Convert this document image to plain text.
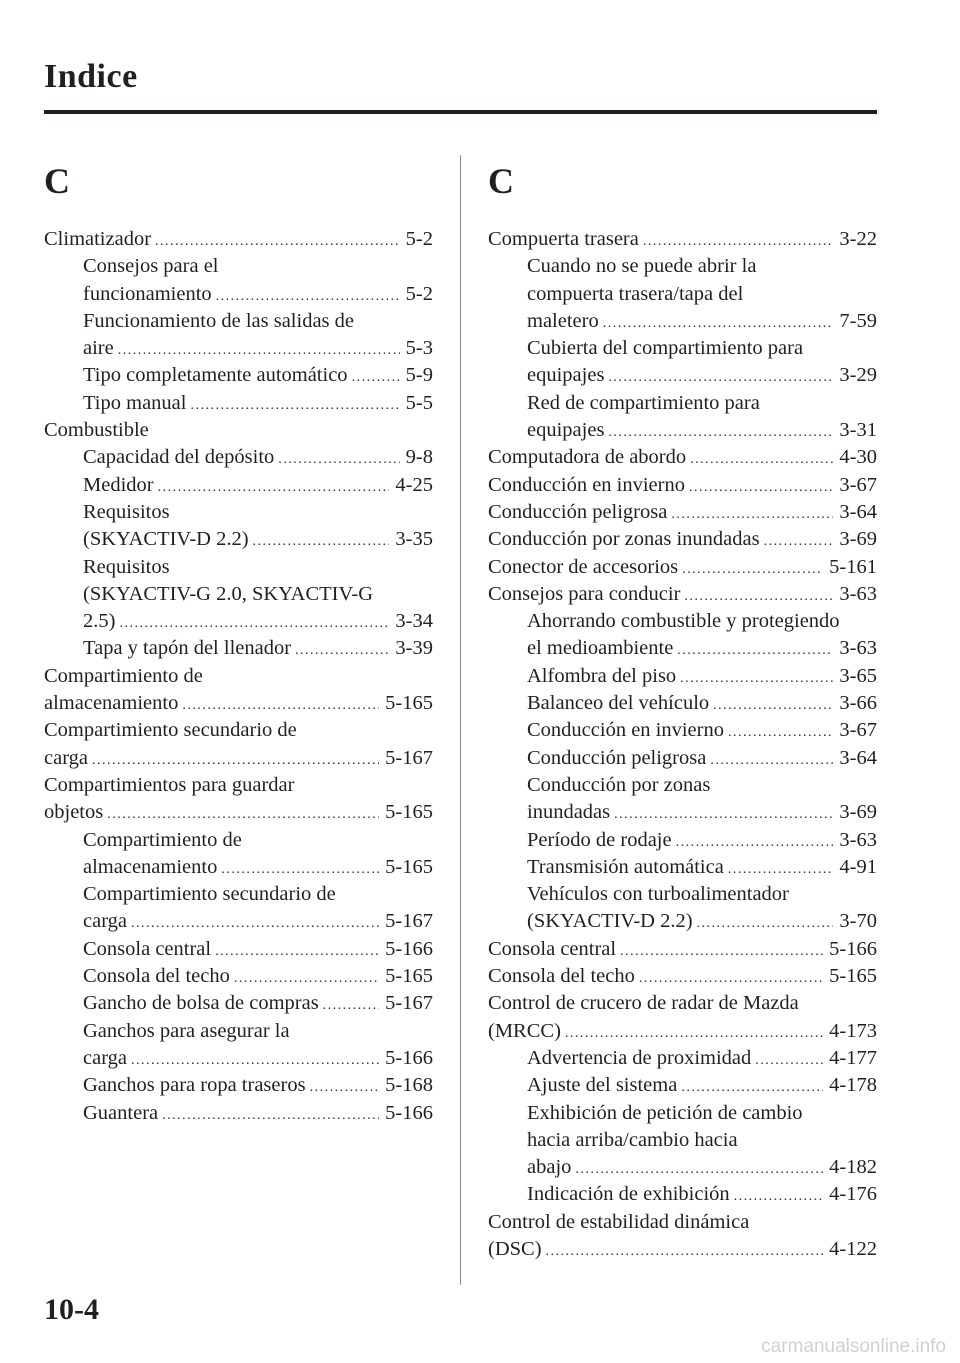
Indice
C
Climatizador .....	5-2
Consejos para el
funcionamiento .....	5-2
Funcionamiento de las salidas de
aire .....	5-3
Tipo completamente automático .....	5-9
Tipo manual .....	5-5
Combustible
Capacidad del depósito .....	9-8
Medidor .....	4-25
Requisitos
(SKYACTIV-D 2.2) .....	3-35
Requisitos
(SKYACTIV-G 2.0, SKYACTIV-G
2.5) .....	3-34
Tapa y tapón del llenador .....	3-39
Compartimiento de
almacenamiento .....	5-165
Compartimiento secundario de
carga .....	5-167
Compartimientos para guardar
objetos .....	5-165
Compartimiento de
almacenamiento .....	5-165
Compartimiento secundario de
carga .....	5-167
Consola central .....	5-166
Consola del techo .....	5-165
Gancho de bolsa de compras .....	5-167
Ganchos para asegurar la
carga .....	5-166
Ganchos para ropa traseros .....	5-168
Guantera .....	5-166
C
Compuerta trasera .....	3-22
Cuando no se puede abrir la
compuerta trasera/tapa del
maletero .....	7-59
Cubierta del compartimiento para
equipajes .....	3-29
Red de compartimiento para
equipajes .....	3-31
Computadora de abordo .....	4-30
Conducción en invierno .....	3-67
Conducción peligrosa .....	3-64
Conducción por zonas inundadas .....	3-69
Conector de accesorios .....	5-161
Consejos para conducir .....	3-63
Ahorrando combustible y protegiendo
el medioambiente .....	3-63
Alfombra del piso .....	3-65
Balanceo del vehículo .....	3-66
Conducción en invierno .....	3-67
Conducción peligrosa .....	3-64
Conducción por zonas
inundadas .....	3-69
Período de rodaje .....	3-63
Transmisión automática .....	4-91
Vehículos con turboalimentador
(SKYACTIV-D 2.2) .....	3-70
Consola central .....	5-166
Consola del techo .....	5-165
Control de crucero de radar de Mazda
(MRCC) .....	4-173
Advertencia de proximidad .....	4-177
Ajuste del sistema .....	4-178
Exhibición de petición de cambio
hacia arriba/cambio hacia
abajo .....	4-182
Indicación de exhibición .....	4-176
Control de estabilidad dinámica
(DSC) .....	4-122
10-4
carmanualsonline.info
